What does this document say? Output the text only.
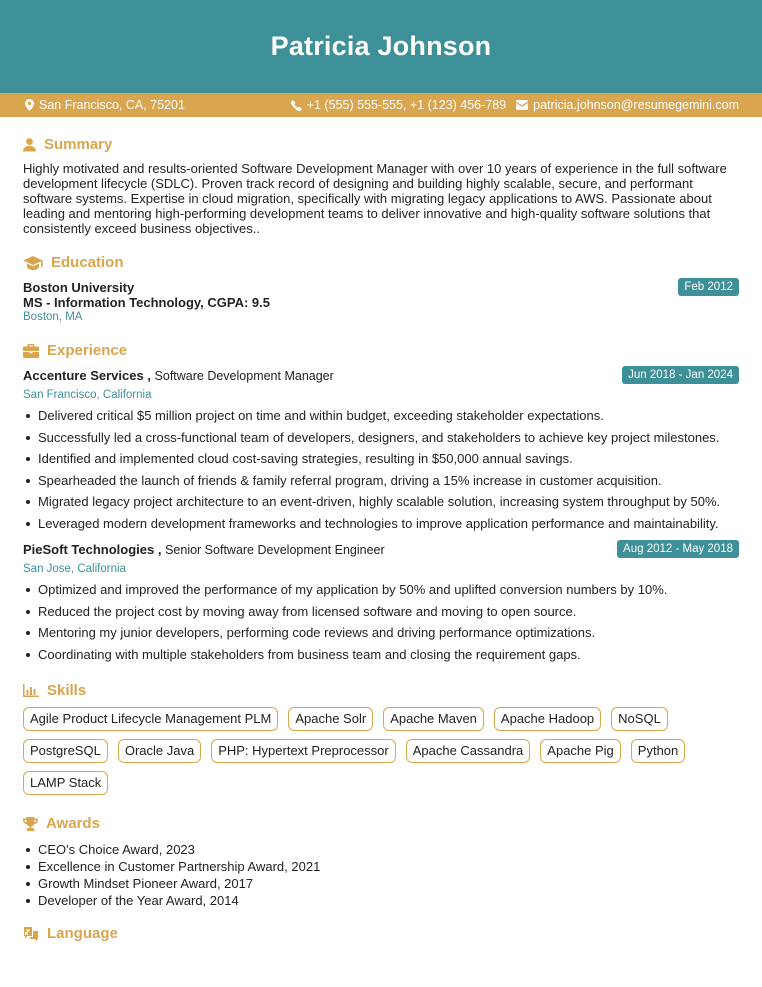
Patricia Johnson
San Francisco, CA, 75201	+1 (555) 555-555, +1 (123) 456-789 patricia.johnson@resumegemini.com
Summary

Highly motivated and results-oriented Software Development Manager with over 10 years of experience in the full software development lifecycle (SDLC). Proven track record of designing and building highly scalable, secure, and performant software systems. Expertise in cloud migration, specifically with migrating legacy applications to AWS. Passionate about leading and mentoring high-performing development teams to deliver innovative and high-quality software solutions that consistently exceed business objectives..

Education
Feb 2012
Boston University
MS - Information Technology, CGPA: 9.5
Boston, MA
Experience
Jun 2018 - Jan 2024
Accenture Services , Software Development Manager
San Francisco, California
Delivered critical $5 million project on time and within budget, exceeding stakeholder expectations.
Successfully led a cross-functional team of developers, designers, and stakeholders to achieve key project milestones.
Identified and implemented cloud cost-saving strategies, resulting in $50,000 annual savings.
Spearheaded the launch of friends & family referral program, driving a 15% increase in customer acquisition.
Migrated legacy project architecture to an event-driven, highly scalable solution, increasing system throughput by 50%.
Leveraged modern development frameworks and technologies to improve application performance and maintainability.
Aug 2012 - May 2018
PieSoft Technologies , Senior Software Development Engineer
San Jose, California
Optimized and improved the performance of my application by 50% and uplifted conversion numbers by 10%.
Reduced the project cost by moving away from licensed software and moving to open source.
Mentoring my junior developers, performing code reviews and driving performance optimizations.
Coordinating with multiple stakeholders from business team and closing the requirement gaps.
Skills
Agile Product Lifecycle Management PLM	Apache Solr	Apache Maven	Apache Hadoop	NoSQL
PostgreSQL	Oracle Java	PHP: Hypertext Preprocessor	Apache Cassandra	Apache Pig	Python
LAMP Stack
Awards
CEO's Choice Award, 2023
Excellence in Customer Partnership Award, 2021
Growth Mindset Pioneer Award, 2017
Developer of the Year Award, 2014
Language
